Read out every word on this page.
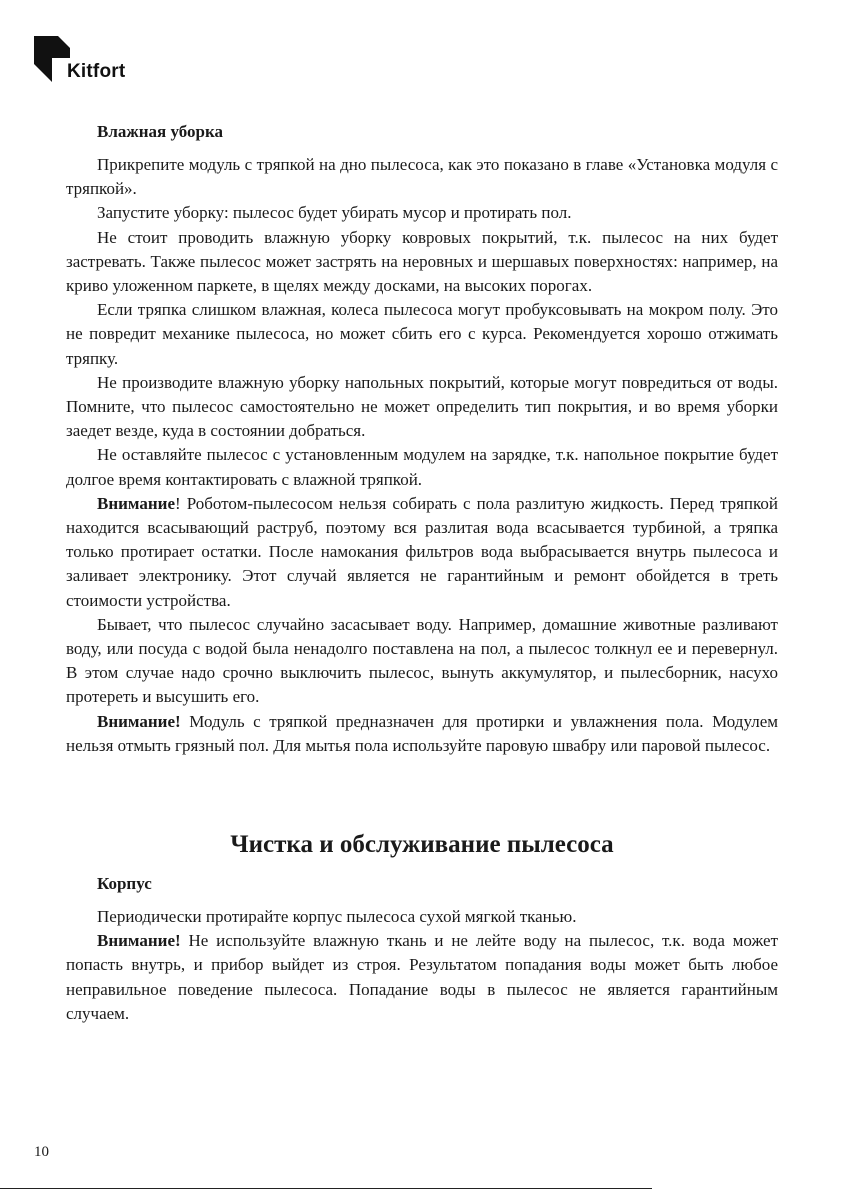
Kitfort
Влажная уборка

Прикрепите модуль с тряпкой на дно пылесоса, как это показано в главе «Установка модуля с тряпкой».

Запустите уборку: пылесос будет убирать мусор и протирать пол.

Не стоит проводить влажную уборку ковровых покрытий, т.к. пылесос на них будет застревать. Также пылесос может застрять на неровных и шершавых поверхностях: например, на криво уложенном паркете, в щелях между досками, на высоких порогах.

Если тряпка слишком влажная, колеса пылесоса могут пробуксовывать на мокром полу. Это не повредит механике пылесоса, но может сбить его с курса. Рекомендуется хорошо отжимать тряпку.

Не производите влажную уборку напольных покрытий, которые могут повредиться от воды. Помните, что пылесос самостоятельно не может определить тип покрытия, и во время уборки заедет везде, куда в состоянии добраться.

Не оставляйте пылесос с установленным модулем на зарядке, т.к. напольное покрытие будет долгое время контактировать с влажной тряпкой.

Внимание! Роботом-пылесосом нельзя собирать с пола разлитую жидкость. Перед тряпкой находится всасывающий раструб, поэтому вся разлитая вода всасывается турбиной, а тряпка только протирает остатки. После намокания фильтров вода выбрасывается внутрь пылесоса и заливает электронику. Этот случай является не гарантийным и ремонт обойдется в треть стоимости устройства.

Бывает, что пылесос случайно засасывает воду. Например, домашние животные разливают воду, или посуда с водой была ненадолго поставлена на пол, а пылесос толкнул ее и перевернул. В этом случае надо срочно выключить пылесос, вынуть аккумулятор, и пылесборник, насухо протереть и высушить его.

Внимание! Модуль с тряпкой предназначен для протирки и увлажнения пола. Модулем нельзя отмыть грязный пол. Для мытья пола используйте паровую швабру или паровой пылесос.

Чистка и обслуживание пылесоса
Корпус

Периодически протирайте корпус пылесоса сухой мягкой тканью.

Внимание! Не используйте влажную ткань и не лейте воду на пылесос, т.к. вода может попасть внутрь, и прибор выйдет из строя. Результатом попадания воды может быть любое неправильное поведение пылесоса. Попадание воды в пылесос не является гарантийным случаем.

10
